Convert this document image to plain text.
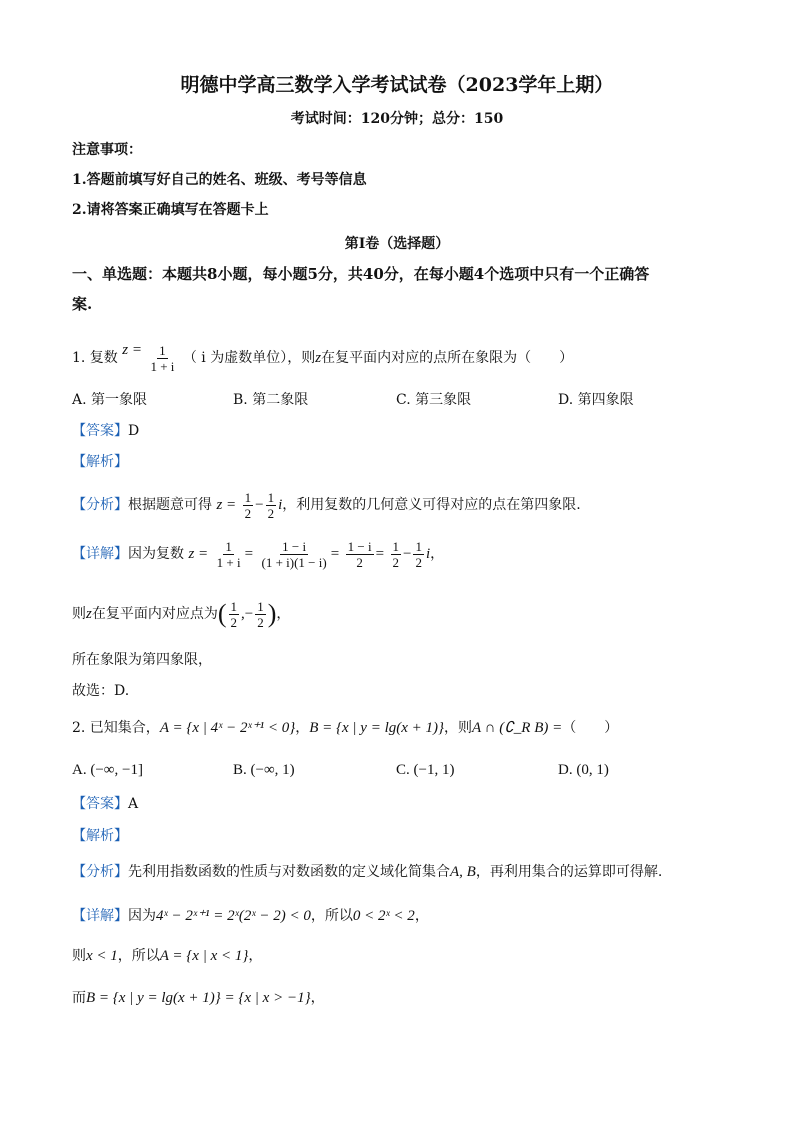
明德中学高三数学入学考试试卷（2023学年上期）
考试时间：120分钟；总分：150
注意事项：
1.答题前填写好自己的姓名、班级、考号等信息
2.请将答案正确填写在答题卡上
第I卷（选择题）
一、单选题：本题共8小题，每小题5分，共40分，在每小题4个选项中只有一个正确答
案.
1. 复数 $z = \frac{1}{1 + i}$ （ i 为虚数单位），则z在复平面内对应的点所在象限为（　　）
A. 第一象限	B. 第二象限	C. 第三象限	D. 第四象限
【答案】D
【解析】
【分析】根据题意可得 $z = \frac{1}{2} - \frac{1}{2}$ i，利用复数的几何意义可得对应的点在第四象限.
【详解】因为复数 $z = \frac{1}{1 + i} = \frac{1 - i}{(1 + i)(1 - i)} = \frac{1 - i}{2} = \frac{1}{2} - \frac{1}{2}$ i，
则z在复平面内对应点为( $\frac{1}{2}$ ,− $\frac{1}{2}$ )，
所在象限为第四象限，
故选：D.
2. 已知集合，A = {x | 4ˣ − 2ˣ⁺¹ < 0}，B = {x | y = lg(x + 1)}，则A ∩ (∁_R B) =（　　）
A. (−∞, −1]	B. (−∞, 1)	C. (−1, 1)	D. (0, 1)
【答案】A
【解析】
【分析】先利用指数函数的性质与对数函数的定义域化简集合A, B，再利用集合的运算即可得解.
【详解】因为4ˣ − 2ˣ⁺¹ = 2ˣ(2ˣ − 2) < 0，所以0 < 2ˣ < 2，
则x < 1，所以A = {x | x < 1}，
而B = {x | y = lg(x + 1)} = {x | x > −1}，
